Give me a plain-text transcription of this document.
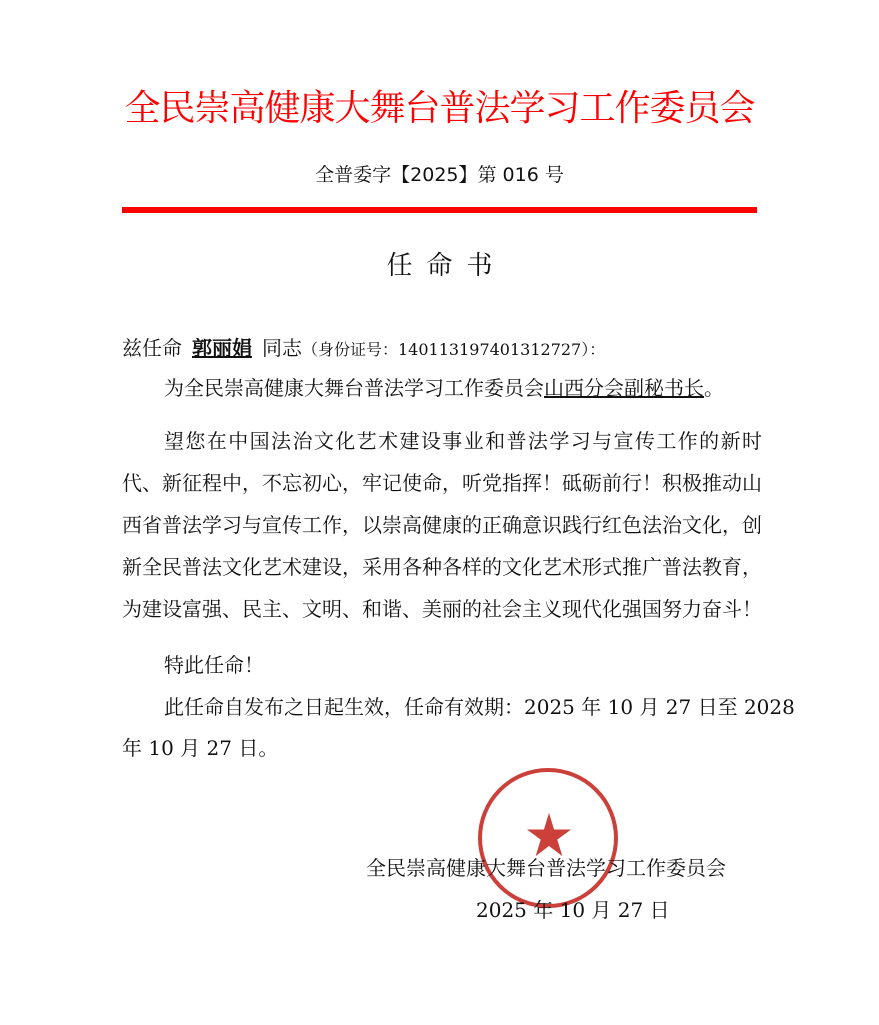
全民崇高健康大舞台普法学习工作委员会
全普委字【2025】第 016 号
任命书
兹任命 郭丽娟 同志（身份证号：140113197401312727）：
为全民崇高健康大舞台普法学习工作委员会山西分会副秘书长。
望您在中国法治文化艺术建设事业和普法学习与宣传工作的新时代、新征程中，不忘初心，牢记使命，听党指挥！砥砺前行！积极推动山西省普法学习与宣传工作，以崇高健康的正确意识践行红色法治文化，创新全民普法文化艺术建设，采用各种各样的文化艺术形式推广普法教育，为建设富强、民主、文明、和谐、美丽的社会主义现代化强国努力奋斗！
特此任命！
此任命自发布之日起生效，任命有效期：2025 年 10 月 27 日至 2028
年 10 月 27 日。
全民崇高健康大舞台普法学习工作委员会
2025 年 10 月 27 日
